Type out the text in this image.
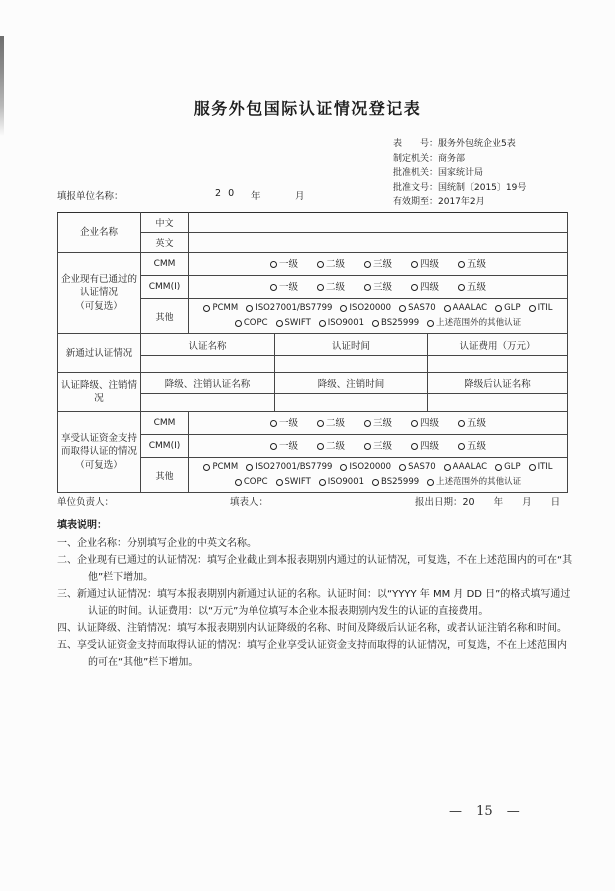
服务外包国际认证情况登记表
表　　号：服务外包统企业5表
制定机关：商务部
批准机关：国家统计局
批准文号：国统制〔2015〕19号
有效期至：2017年2月
填报单位名称：	2 0 年	月
企业名称	中文			
	英文			

企业现有已通过的认证情况
（可复选）
	CMM	一级	二级	三级	四级	五级

	CMM(I)	一级 二级 三级 四级 五级		

其他	
PCMM ISO27001/BS7799 ISO20000 SAS70 AAALAC GLP ITIL
COPC SWIFT ISO9001 BS25999 上述范围外的其他认证

新通过认证情况	认证名称		认证时间	认证费用（万元）

认证降级、注销情况	降级、注销认证名称		降级、注销时间	降级后认证名称

享受认证资金支持而取得认证的情况
（可复选）
	CMM	一级	二级	三级	四级	五级

	CMM(I)	一级 二级 三级 四级 五级		

其他	
PCMM ISO27001/BS7799 ISO20000 SAS70 AAALAC GLP ITIL
COPC SWIFT ISO9001 BS25999 上述范围外的其他认证
单位负责人：	填表人：	报出日期：20　　年　　月　　日
填表说明：
一、企业名称：分别填写企业的中英文名称。
二、企业现有已通过的认证情况：填写企业截止到本报表期别内通过的认证情况，可复选，不在上述范围内的可在“其他”栏下增加。
三、新通过认证情况：填写本报表期别内新通过认证的名称。认证时间：以“YYYY 年 MM 月 DD 日”的格式填写通过认证的时间。认证费用：以“万元”为单位填写本企业本报表期别内发生的认证的直接费用。
四、认证降级、注销情况：填写本报表期别内认证降级的名称、时间及降级后认证名称，或者认证注销名称和时间。
五、享受认证资金支持而取得认证的情况：填写企业享受认证资金支持而取得的认证情况，可复选，不在上述范围内的可在“其他”栏下增加。
— 15 —
